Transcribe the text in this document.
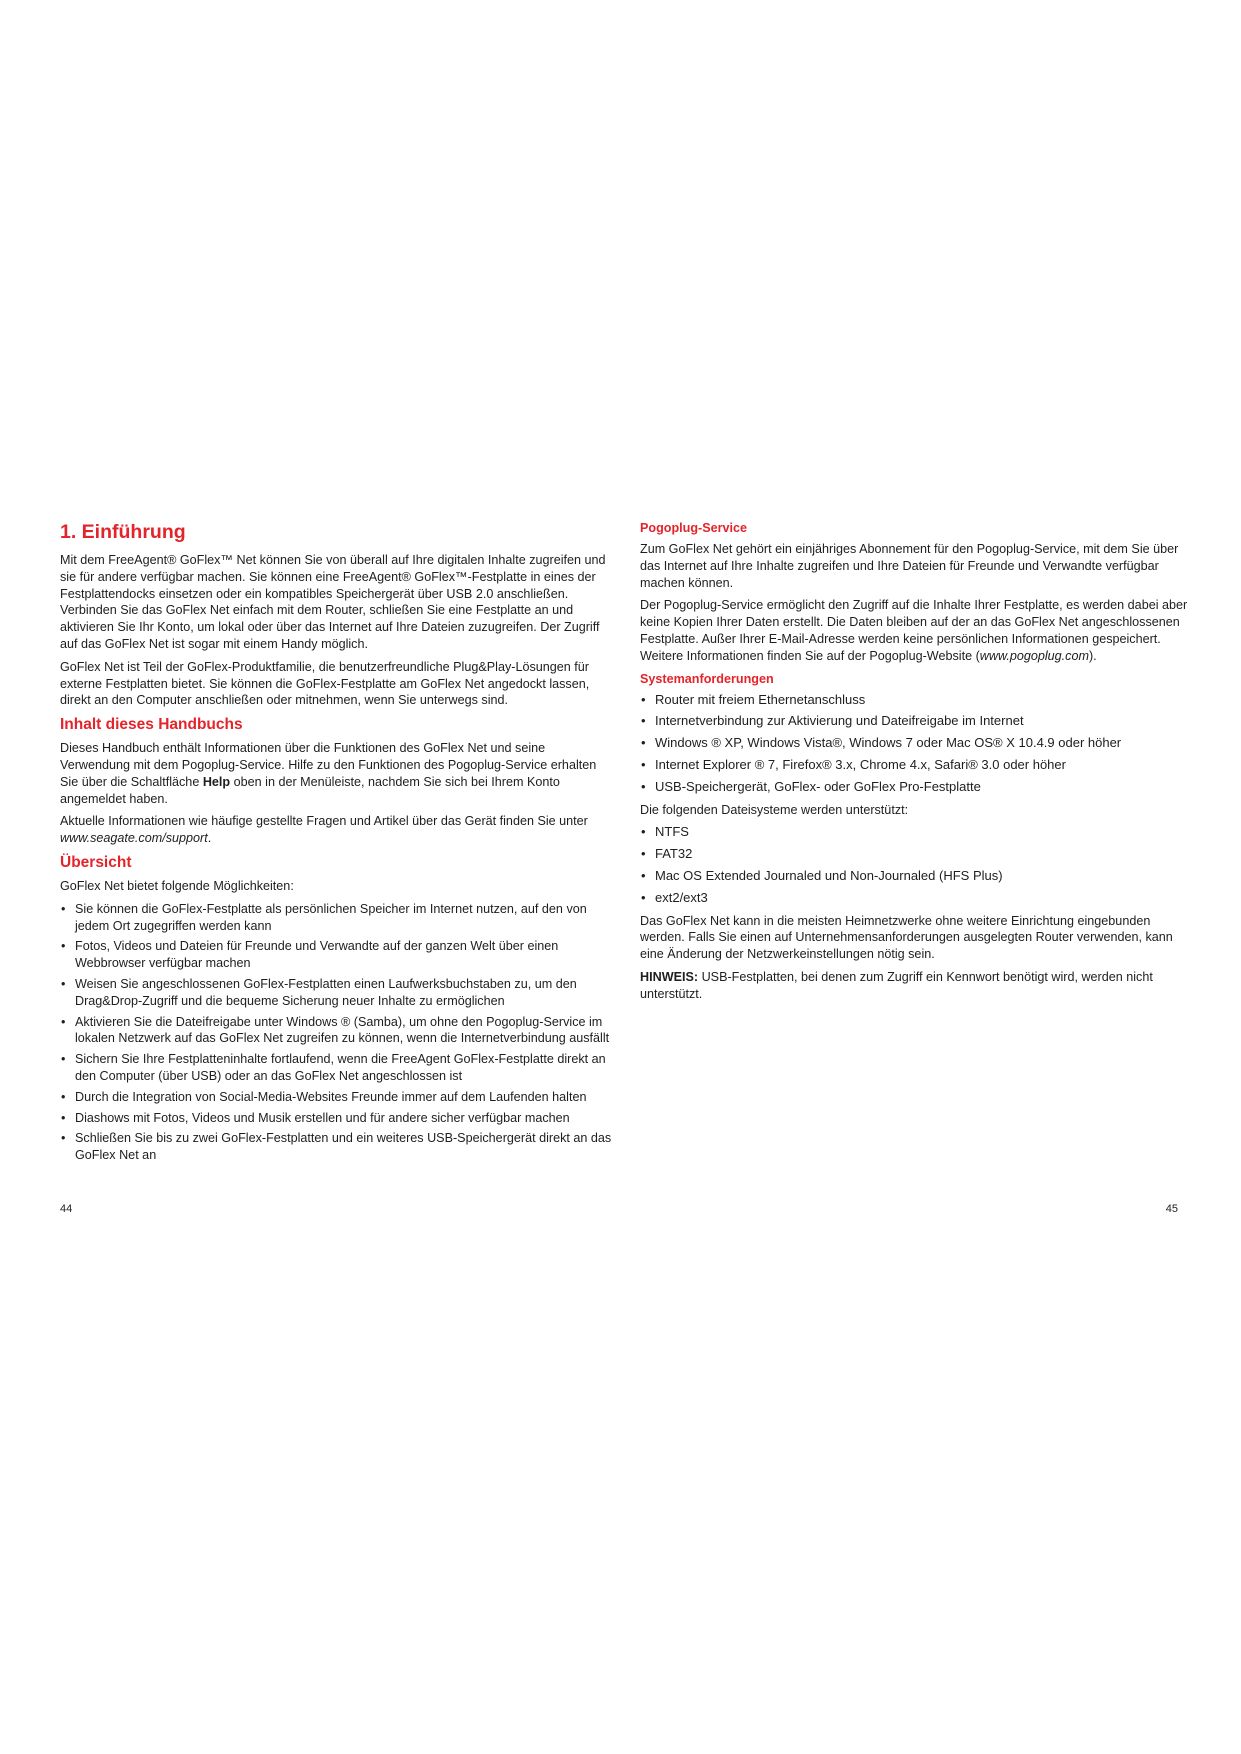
1. Einführung

Mit dem FreeAgent® GoFlex™ Net können Sie von überall auf Ihre digitalen Inhalte zugreifen und sie für andere verfügbar machen. Sie können eine FreeAgent® GoFlex™-Festplatte in eines der Festplattendocks einsetzen oder ein kompatibles Speichergerät über USB 2.0 anschließen. Verbinden Sie das GoFlex Net einfach mit dem Router, schließen Sie eine Festplatte an und aktivieren Sie Ihr Konto, um lokal oder über das Internet auf Ihre Dateien zuzugreifen. Der Zugriff auf das GoFlex Net ist sogar mit einem Handy möglich.

GoFlex Net ist Teil der GoFlex-Produktfamilie, die benutzerfreundliche Plug&Play-Lösungen für externe Festplatten bietet. Sie können die GoFlex-Festplatte am GoFlex Net angedockt lassen, direkt an den Computer anschließen oder mitnehmen, wenn Sie unterwegs sind.

Inhalt dieses Handbuchs

Dieses Handbuch enthält Informationen über die Funktionen des GoFlex Net und seine Verwendung mit dem Pogoplug-Service. Hilfe zu den Funktionen des Pogoplug-Service erhalten Sie über die Schaltfläche Help oben in der Menüleiste, nachdem Sie sich bei Ihrem Konto angemeldet haben.

Aktuelle Informationen wie häufige gestellte Fragen und Artikel über das Gerät finden Sie unter www.seagate.com/support.

Übersicht

GoFlex Net bietet folgende Möglichkeiten:

• Sie können die GoFlex-Festplatte als persönlichen Speicher im Internet nutzen, auf den von jedem Ort zugegriffen werden kann
• Fotos, Videos und Dateien für Freunde und Verwandte auf der ganzen Welt über einen Webbrowser verfügbar machen
• Weisen Sie angeschlossenen GoFlex-Festplatten einen Laufwerksbuchstaben zu, um den Drag&Drop-Zugriff und die bequeme Sicherung neuer Inhalte zu ermöglichen
• Aktivieren Sie die Dateifreigabe unter Windows ® (Samba), um ohne den Pogoplug-Service im lokalen Netzwerk auf das GoFlex Net zugreifen zu können, wenn die Internetverbindung ausfällt
• Sichern Sie Ihre Festplatteninhalte fortlaufend, wenn die FreeAgent GoFlex-Festplatte direkt an den Computer (über USB) oder an das GoFlex Net angeschlossen ist
• Durch die Integration von Social-Media-Websites Freunde immer auf dem Laufenden halten
• Diashows mit Fotos, Videos und Musik erstellen und für andere sicher verfügbar machen
• Schließen Sie bis zu zwei GoFlex-Festplatten und ein weiteres USB-Speichergerät direkt an das GoFlex Net an
Pogoplug-Service

Zum GoFlex Net gehört ein einjähriges Abonnement für den Pogoplug-Service, mit dem Sie über das Internet auf Ihre Inhalte zugreifen und Ihre Dateien für Freunde und Verwandte verfügbar machen können.

Der Pogoplug-Service ermöglicht den Zugriff auf die Inhalte Ihrer Festplatte, es werden dabei aber keine Kopien Ihrer Daten erstellt. Die Daten bleiben auf der an das GoFlex Net angeschlossenen Festplatte. Außer Ihrer E-Mail-Adresse werden keine persönlichen Informationen gespeichert. Weitere Informationen finden Sie auf der Pogoplug-Website (www.pogoplug.com).

Systemanforderungen
• Router mit freiem Ethernetanschluss
• Internetverbindung zur Aktivierung und Dateifreigabe im Internet
• Windows ® XP, Windows Vista®, Windows 7 oder Mac OS® X 10.4.9 oder höher
• Internet Explorer ® 7, Firefox® 3.x, Chrome 4.x, Safari® 3.0 oder höher
• USB-Speichergerät, GoFlex- oder GoFlex Pro-Festplatte

Die folgenden Dateisysteme werden unterstützt:

• NTFS
• FAT32
• Mac OS Extended Journaled und Non-Journaled (HFS Plus)
• ext2/ext3

Das GoFlex Net kann in die meisten Heimnetzwerke ohne weitere Einrichtung eingebunden werden. Falls Sie einen auf Unternehmensanforderungen ausgelegten Router verwenden, kann eine Änderung der Netzwerkeinstellungen nötig sein.

HINWEIS: USB-Festplatten, bei denen zum Zugriff ein Kennwort benötigt wird, werden nicht unterstützt.

44	45
